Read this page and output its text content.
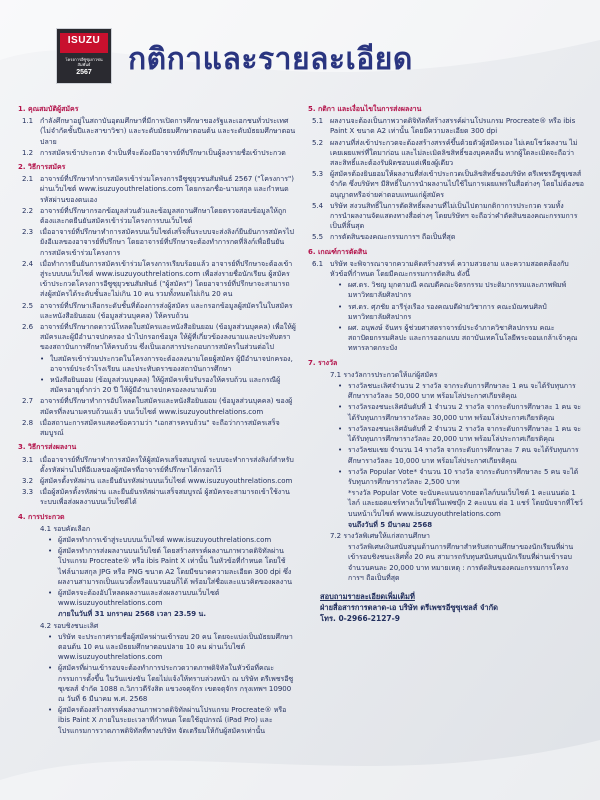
ISUZU
โครงการอีซูซุเยาวชนสัมพันธ์
2567	กติกาและรายละเอียด
1. คุณสมบัติผู้สมัคร
1.1 กำลังศึกษาอยู่ในสถาบันอุดมศึกษาที่มีการเปิดการศึกษาของรัฐและเอกชนทั่วประเทศ (ไม่จำกัดชั้นปีและสาขาวิชา) และระดับมัธยมศึกษาตอนต้น และระดับมัธยมศึกษาตอนปลาย
1.2 การสมัครเข้าประกวด จำเป็นที่จะต้องมีอาจารย์ที่ปรึกษาเป็นผู้ลงรายชื่อเข้าประกวด
2. วิธีการสมัคร
2.1 อาจารย์ที่ปรึกษาทำการสมัครเข้าร่วมโครงการอีซูซุยุวชนสัมพันธ์ 2567 ("โครงการ") ผ่านเว็บไซต์ www.isuzuyouthrelations.com โดยกรอกชื่อ-นามสกุล และกำหนดรหัสผ่านของตนเอง
2.2 อาจารย์ที่ปรึกษากรอกข้อมูลส่วนตัวและข้อมูลสถานศึกษาโดยตรวจสอบข้อมูลให้ถูกต้องและกดยืนยันสมัครเข้าร่วมโครงการบนเว็บไซต์
2.3 เมื่ออาจารย์ที่ปรึกษาทำการสมัครบนเว็บไซต์เสร็จสิ้นระบบจะส่งลิงก์ยืนยันการสมัครไปยังอีเมลของอาจารย์ที่ปรึกษา โดยอาจารย์ที่ปรึกษาจะต้องทำการกดที่ลิงก์เพื่อยืนยันการสมัครเข้าร่วมโครงการ
2.4 เมื่อทำการยืนยันการสมัครเข้าร่วมโครงการเรียบร้อยแล้ว อาจารย์ที่ปรึกษาจะต้องเข้าสู่ระบบบนเว็บไซต์ www.isuzuyouthrelations.com เพื่อส่งรายชื่อนักเรียน ผู้สมัครเข้าประกวดโครงการอีซูซุยุวชนสัมพันธ์ ("ผู้สมัคร") โดยอาจารย์ที่ปรึกษาจะสามารถส่งผู้สมัครได้ระดับชั้นละไม่เกิน 10 คน รวมทั้งหมดไม่เกิน 20 คน
2.5 อาจารย์ที่ปรึกษาเลือกระดับชั้นที่ต้องการส่งผู้สมัคร และกรอกข้อมูลผู้สมัครในใบสมัครและหนังสือยินยอม (ข้อมูลส่วนบุคคล) ให้ครบถ้วน
2.6 อาจารย์ที่ปรึกษากดดาวน์โหลดใบสมัครและหนังสือยินยอม (ข้อมูลส่วนบุคคล) เพื่อให้ผู้สมัครและผู้มีอำนาจปกครอง นำไปกรอกข้อมูล ให้ผู้ที่เกี่ยวข้องลงนามและประทับตรา ของสถาบันการศึกษาให้ครบถ้วน ซึ่งเป็นเอกสารประกอบการสมัครในส่วนต่อไป
• ใบสมัครเข้าร่วมประกวดในโครงการจะต้องลงนามโดยผู้สมัคร ผู้มีอำนาจปกครอง, อาจารย์ประจำโรงเรียน และประทับตราของสถาบันการศึกษา
• หนังสือยินยอม (ข้อมูลส่วนบุคคล) ให้ผู้สมัครเซ็นรับรองให้ครบถ้วน และกรณีผู้สมัครอายุต่ำกว่า 20 ปี ให้ผู้มีอำนาจปกครองลงนามด้วย
2.7 อาจารย์ที่ปรึกษาทำการอัปโหลดใบสมัครและหนังสือยินยอม (ข้อมูลส่วนบุคคล) ของผู้สมัครที่ลงนามครบถ้วนแล้ว บนเว็บไซต์ www.isuzuyouthrelations.com
2.8 เมื่อสถานะการสมัครแสดงข้อความว่า "เอกสารครบถ้วน" จะถือว่าการสมัครเสร็จสมบูรณ์
3. วิธีการส่งผลงาน
3.1 เมื่ออาจารย์ที่ปรึกษาทำการสมัครให้ผู้สมัครเสร็จสมบูรณ์ ระบบจะทำการส่งลิงก์สำหรับตั้งรหัสผ่านไปที่อีเมลของผู้สมัครที่อาจารย์ที่ปรึกษาได้กรอกไว้
3.2 ผู้สมัครตั้งรหัสผ่าน และยืนยันรหัสผ่านบนเว็บไซต์ www.isuzuyouthrelations.com
3.3 เมื่อผู้สมัครตั้งรหัสผ่าน และยืนยันรหัสผ่านเสร็จสมบูรณ์ ผู้สมัครจะสามารถเข้าใช้งานระบบเพื่อส่งผลงานบนเว็บไซต์ได้
4. การประกวด
4.1 รอบคัดเลือก
• ผู้สมัครทำการเข้าสู่ระบบบนเว็บไซต์ www.isuzuyouthrelations.com
• ผู้สมัครทำการส่งผลงานบนเว็บไซต์ โดยสร้างสรรค์ผลงานภาพวาดดิจิทัลผ่านโปรแกรม Procreate® หรือ ibis Paint X เท่านั้น ในหัวข้อที่กำหนด โดยใช้ไฟล์นามสกุล JPG หรือ PNG ขนาด A2 โดยมีขนาดความละเอียด 300 dpi ซึ่งผลงานสามารถเป็นแนวตั้งหรือแนวนอนก็ได้ พร้อมใส่ชื่อและแนวคิดของผลงาน
• ผู้สมัครจะต้องอัปโหลดผลงานและส่งผลงานบนเว็บไซต์ www.isuzuyouthrelations.com
ภายในวันที่ 31 มกราคม 2568 เวลา 23.59 น.
4.2 รอบชิงชนะเลิศ
• บริษัท จะประกาศรายชื่อผู้สมัครผ่านเข้ารอบ 20 คน โดยจะแบ่งเป็นมัธยมศึกษาตอนต้น 10 คน และมัธยมศึกษาตอนปลาย 10 คน ผ่านเว็บไซต์ www.isuzuyouthrelations.com
• ผู้สมัครที่ผ่านเข้ารอบจะต้องทำการประกวดวาดภาพดิจิทัลในหัวข้อที่คณะกรรมการตั้งขึ้น ในวันแข่งขัน โดยไม่แจ้งให้ทราบล่วงหน้า ณ บริษัท ตรีเพชรอีซูซุเซลส์ จำกัด 1088 ถ.วิภาวดีรังสิต แขวงจตุจักร เขตจตุจักร กรุงเทพฯ 10900 ณ วันที่ 6 มีนาคม พ.ศ. 2568
• ผู้สมัครต้องสร้างสรรค์ผลงานภาพวาดดิจิทัลผ่านโปรแกรม Procreate® หรือ ibis Paint X ภายในระยะเวลาที่กำหนด โดยใช้อุปกรณ์ (iPad Pro) และโปรแกรมการวาดภาพดิจิทัลที่ทางบริษัท จัดเตรียมให้กับผู้สมัครเท่านั้น
5. กติกา และเงื่อนไขในการส่งผลงาน
5.1 ผลงานจะต้องเป็นภาพวาดดิจิทัลที่สร้างสรรค์ผ่านโปรแกรม Procreate® หรือ ibis Paint X ขนาด A2 เท่านั้น โดยมีความละเอียด 300 dpi
5.2 ผลงานที่ส่งเข้าประกวดจะต้องสร้างสรรค์ขึ้นด้วยตัวผู้สมัครเอง ไม่เคยโชว์ผลงาน ไม่เคยเผยแพร่ที่ใดมาก่อน และไม่ละเมิดลิขสิทธิ์ของบุคคลอื่น หากผู้ใดละเมิดจะถือว่าสละสิทธิ์และต้องรับผิดชอบแต่เพียงผู้เดียว
5.3 ผู้สมัครต้องยินยอมให้ผลงานที่ส่งเข้าประกวดเป็นลิขสิทธิ์ของบริษัท ตรีเพชรอีซูซุเซลส์ จำกัด ซึ่งบริษัทฯ มีสิทธิ์ในการนำผลงานไปใช้ในการเผยแพร่ในสื่อต่างๆ โดยไม่ต้องขออนุญาตหรือจ่ายค่าตอบแทนแก่ผู้สมัคร
5.4 บริษัท สงวนสิทธิ์ในการตัดสิทธิ์ผลงานที่ไม่เป็นไปตามกติกาการประกวด รวมทั้งการนำผลงานจัดแสดงทางสื่อต่างๆ โดยบริษัทฯ จะถือว่าคำตัดสินของคณะกรรมการเป็นที่สิ้นสุด
5.5 การตัดสินของคณะกรรมการฯ ถือเป็นที่สุด
6. เกณฑ์การตัดสิน
6.1 บริษัท จะพิจารณาจากความคิดสร้างสรรค์ ความสวยงาม และความสอดคล้องกับหัวข้อที่กำหนด โดยมีคณะกรรมการตัดสิน ดังนี้
• ผศ.ดร. วิชญ มุกดามณี คณบดีคณะจิตรกรรม ประติมากรรมและภาพพิมพ์ มหาวิทยาลัยศิลปากร
• รศ.ดร. ศุภชัย อารีรุ่งเรือง รองคณบดีฝ่ายวิชาการ คณะมัณฑนศิลป์ มหาวิทยาลัยศิลปากร
• ผศ. อนุพงษ์ จันทร ผู้ช่วยศาสตราจารย์ประจำภาควิชาศิลปกรรม คณะสถาปัตยกรรมศิลปะ และการออกแบบ สถาบันเทคโนโลยีพระจอมเกล้าเจ้าคุณทหารลาดกระบัง
7. รางวัล
7.1 รางวัลการประกวดให้แก่ผู้สมัคร
• รางวัลชนะเลิศจำนวน 2 รางวัล จากระดับการศึกษาละ 1 คน จะได้รับทุนการศึกษารางวัลละ 50,000 บาท พร้อมโล่ประกาศเกียรติคุณ
• รางวัลรองชนะเลิศอันดับที่ 1 จำนวน 2 รางวัล จากระดับการศึกษาละ 1 คน จะได้รับทุนการศึกษารางวัลละ 30,000 บาท พร้อมโล่ประกาศเกียรติคุณ
• รางวัลรองชนะเลิศอันดับที่ 2 จำนวน 2 รางวัล จากระดับการศึกษาละ 1 คน จะได้รับทุนการศึกษารางวัลละ 20,000 บาท พร้อมโล่ประกาศเกียรติคุณ
• รางวัลชมเชย จำนวน 14 รางวัล จากระดับการศึกษาละ 7 คน จะได้รับทุนการศึกษารางวัลละ 10,000 บาท พร้อมโล่ประกาศเกียรติคุณ
• รางวัล Popular Vote* จำนวน 10 รางวัล จากระดับการศึกษาละ 5 คน จะได้รับทุนการศึกษารางวัลละ 2,500 บาท
*รางวัล Popular Vote จะนับคะแนนจากยอดไลก์บนเว็บไซต์ 1 คะแนนต่อ 1 ไลก์ และยอดแชร์ทางเว็บไซต์ในเฟซบุ๊ก 2 คะแนน ต่อ 1 แชร์ โดยนับจากที่โชว์บนหน้าเว็บไซต์ www.isuzuyouthrelations.com
จนถึงวันที่ 5 มีนาคม 2568
7.2 รางวัลพิเศษให้แก่สถานศึกษา
รางวัลพิเศษเงินสนับสนุนด้านการศึกษาสำหรับสถานศึกษาของนักเรียนที่ผ่านเข้ารอบชิงชนะเลิศทั้ง 20 คน สามารถรับทุนสนับสนุนนักเรียนที่ผ่านเข้ารอบ จำนวนคนละ 20,000 บาท หมายเหตุ : การตัดสินของคณะกรรมการโครงการฯ ถือเป็นที่สุด
สอบถามรายละเอียดเพิ่มเติมที่
ฝ่ายสื่อสารการตลาด-เอ บริษัท ตรีเพชรอีซูซุเซลส์ จำกัด
โทร. 0-2966-2127-9
